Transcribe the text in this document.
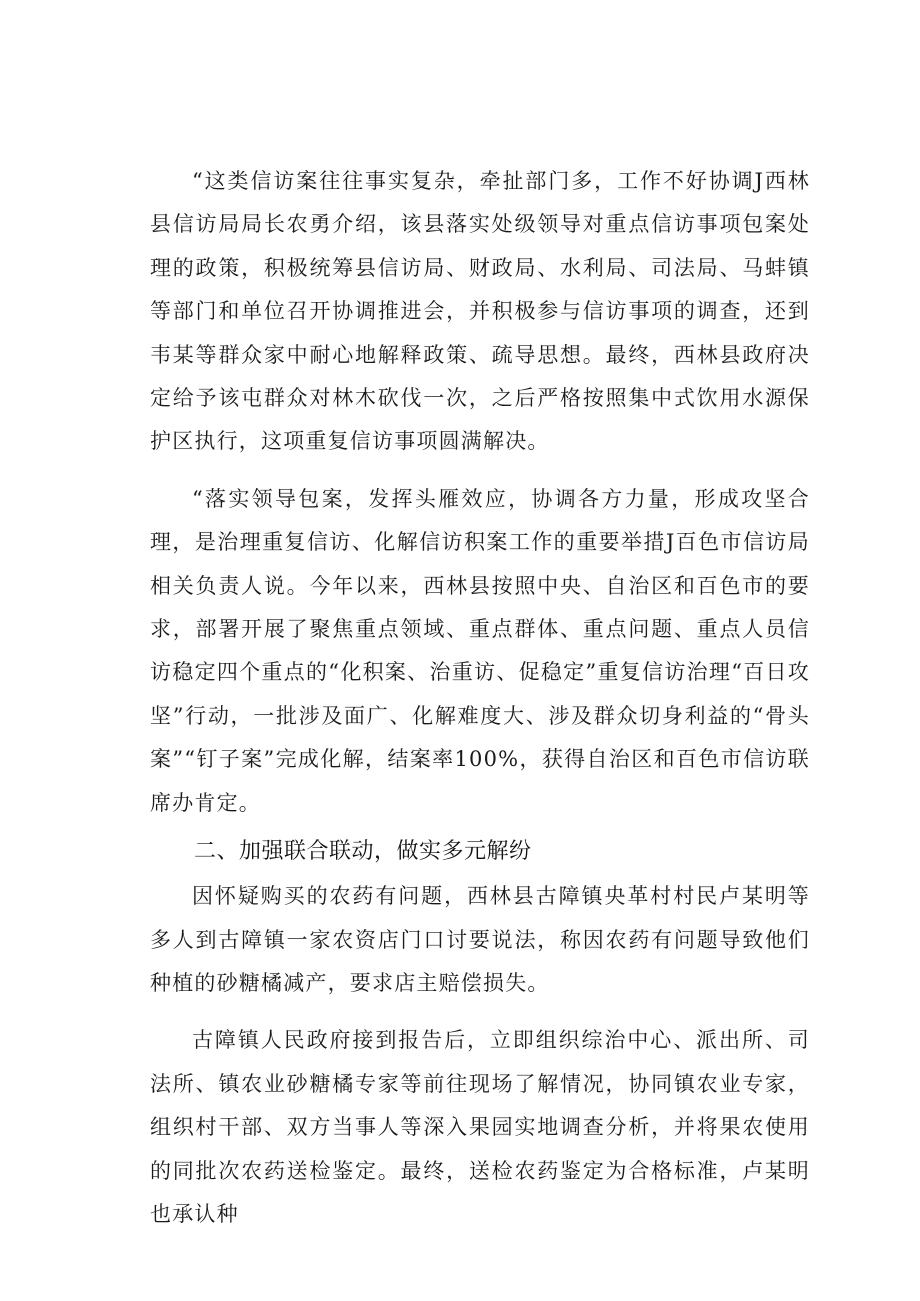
“这类信访案往往事实复杂，牵扯部门多，工作不好协调J西林县信访局局长农勇介绍，该县落实处级领导对重点信访事项包案处理的政策，积极统筹县信访局、财政局、水利局、司法局、马蚌镇等部门和单位召开协调推进会，并积极参与信访事项的调查，还到韦某等群众家中耐心地解释政策、疏导思想。最终，西林县政府决定给予该屯群众对林木砍伐一次，之后严格按照集中式饮用水源保护区执行，这项重复信访事项圆满解决。

“落实领导包案，发挥头雁效应，协调各方力量，形成攻坚合理，是治理重复信访、化解信访积案工作的重要举措J百色市信访局相关负责人说。今年以来，西林县按照中央、自治区和百色市的要求，部署开展了聚焦重点领域、重点群体、重点问题、重点人员信访稳定四个重点的“化积案、治重访、促稳定”重复信访治理“百日攻坚”行动，一批涉及面广、化解难度大、涉及群众切身利益的“骨头案”“钉子案”完成化解，结案率100%，获得自治区和百色市信访联席办肯定。

二、加强联合联动，做实多元解纷

因怀疑购买的农药有问题，西林县古障镇央革村村民卢某明等多人到古障镇一家农资店门口讨要说法，称因农药有问题导致他们种植的砂糖橘减产，要求店主赔偿损失。

古障镇人民政府接到报告后，立即组织综治中心、派出所、司法所、镇农业砂糖橘专家等前往现场了解情况，协同镇农业专家，组织村干部、双方当事人等深入果园实地调查分析，并将果农使用的同批次农药送检鉴定。最终，送检农药鉴定为合格标准，卢某明也承认种
